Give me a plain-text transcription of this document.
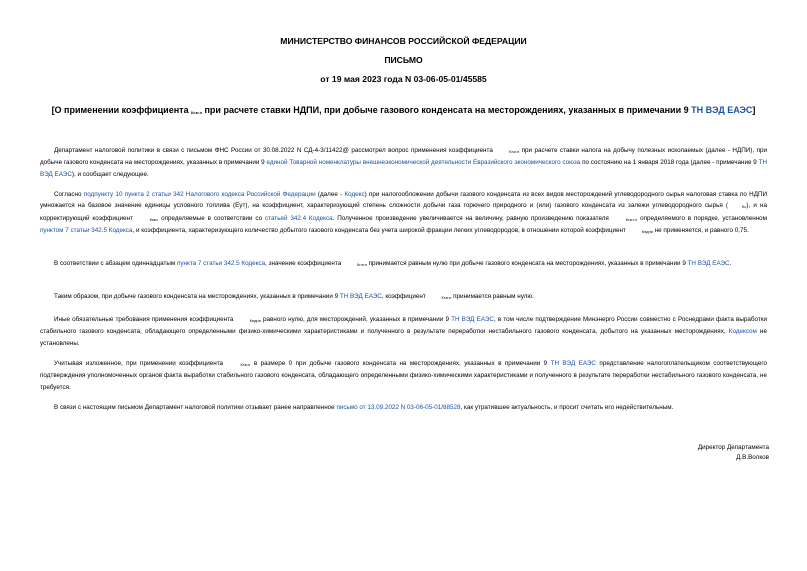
МИНИСТЕРСТВО ФИНАНСОВ РОССИЙСКОЙ ФЕДЕРАЦИИ
ПИСЬМО
от 19 мая 2023 года N 03-06-05-01/45585
[О применении коэффициента Кгзг.н при расчете ставки НДПИ, при добыче газового конденсата на месторождениях, указанных в примечании 9 ТН ВЭД ЕАЭС]
Департамент налоговой политики в связи с письмом ФНС России от 30.08.2022 N СД-4-3/11422@ рассмотрел вопрос применения коэффициента	Кгзг.н при расчете ставки налога на добычу полезных ископаемых (далее - НДПИ), при добыче газового конденсата на месторождениях, указанных в примечании 9 единой Товарной номенклатуры внешнеэкономической деятельности Евразийского экономического союза по состоянию на 1 января 2018 года (далее - примечание 9 ТН ВЭД ЕАЭС), и сообщает следующее.
Согласно подпункту 10 пункта 2 статьи 342 Налогового кодекса Российской Федерации (далее - Кодекс) при налогообложении добычи газового конденсата из всех видов месторождений углеводородного сырья налоговая ставка по НДПИ умножается на базовое значение единицы условного топлива (Еут), на коэффициент, характеризующий степень сложности добычи газа горючего природного и (или) газового конденсата из залежи углеводородного сырья (	Кс), и на корректирующий коэффициент	Ккм, определяемые в соответствии со статьей 342.4 Кодекса. Полученное произведение увеличивается на величину, равную произведению показателя	Кгзг.н, определяемого в порядке, установленном пунктом 7 статьи 342.5 Кодекса, и коэффициента, характеризующего количество добытого газового конденсата без учета широкой фракции легких углеводородов, в отношении которой коэффициент	Кндпи не применяется, и равного 0,75.
В соответствии с абзацем одиннадцатым пункта 7 статьи 342.5 Кодекса, значение коэффициента	Кгзг.н принимается равным нулю при добыче газового конденсата на месторождениях, указанных в примечании 9 ТН ВЭД ЕАЭС.
Таким образом, при добыче газового конденсата на месторождениях, указанных в примечании 9 ТН ВЭД ЕАЭС, коэффициент	Кгзг.н принимается равным нулю.
Иные обязательные требования применения коэффициента	Кндпи равного нулю, для месторождений, указанных в примечании 9 ТН ВЭД ЕАЭС, в том числе подтверждение Минэнерго России совместно с Роснедрами факта выработки стабильного газового конденсата, обладающего определенными физико-химическими характеристиками и полученного в результате переработки нестабильного газового конденсата, добытого на указанных месторождениях, Кодексом не установлены.
Учитывая изложенное, при применении коэффициента	Кгзг.н в размере 0 при добыче газового конденсата на месторождениях, указанных в примечании 9 ТН ВЭД ЕАЭС представление налогоплательщиком соответствующего подтверждения уполномоченных органов факта выработки стабильного газового конденсата, обладающего определенными физико-химическими характеристиками и полученного в результате переработки нестабильного газового конденсата, не требуется.
В связи с настоящим письмом Департамент налоговой политики отзывает ранее направленное письмо от 13.09.2022 N 03-06-05-01/88528, как утратившее актуальность, и просит считать его недействительным.
Директор Департамента
Д.В.Волков
